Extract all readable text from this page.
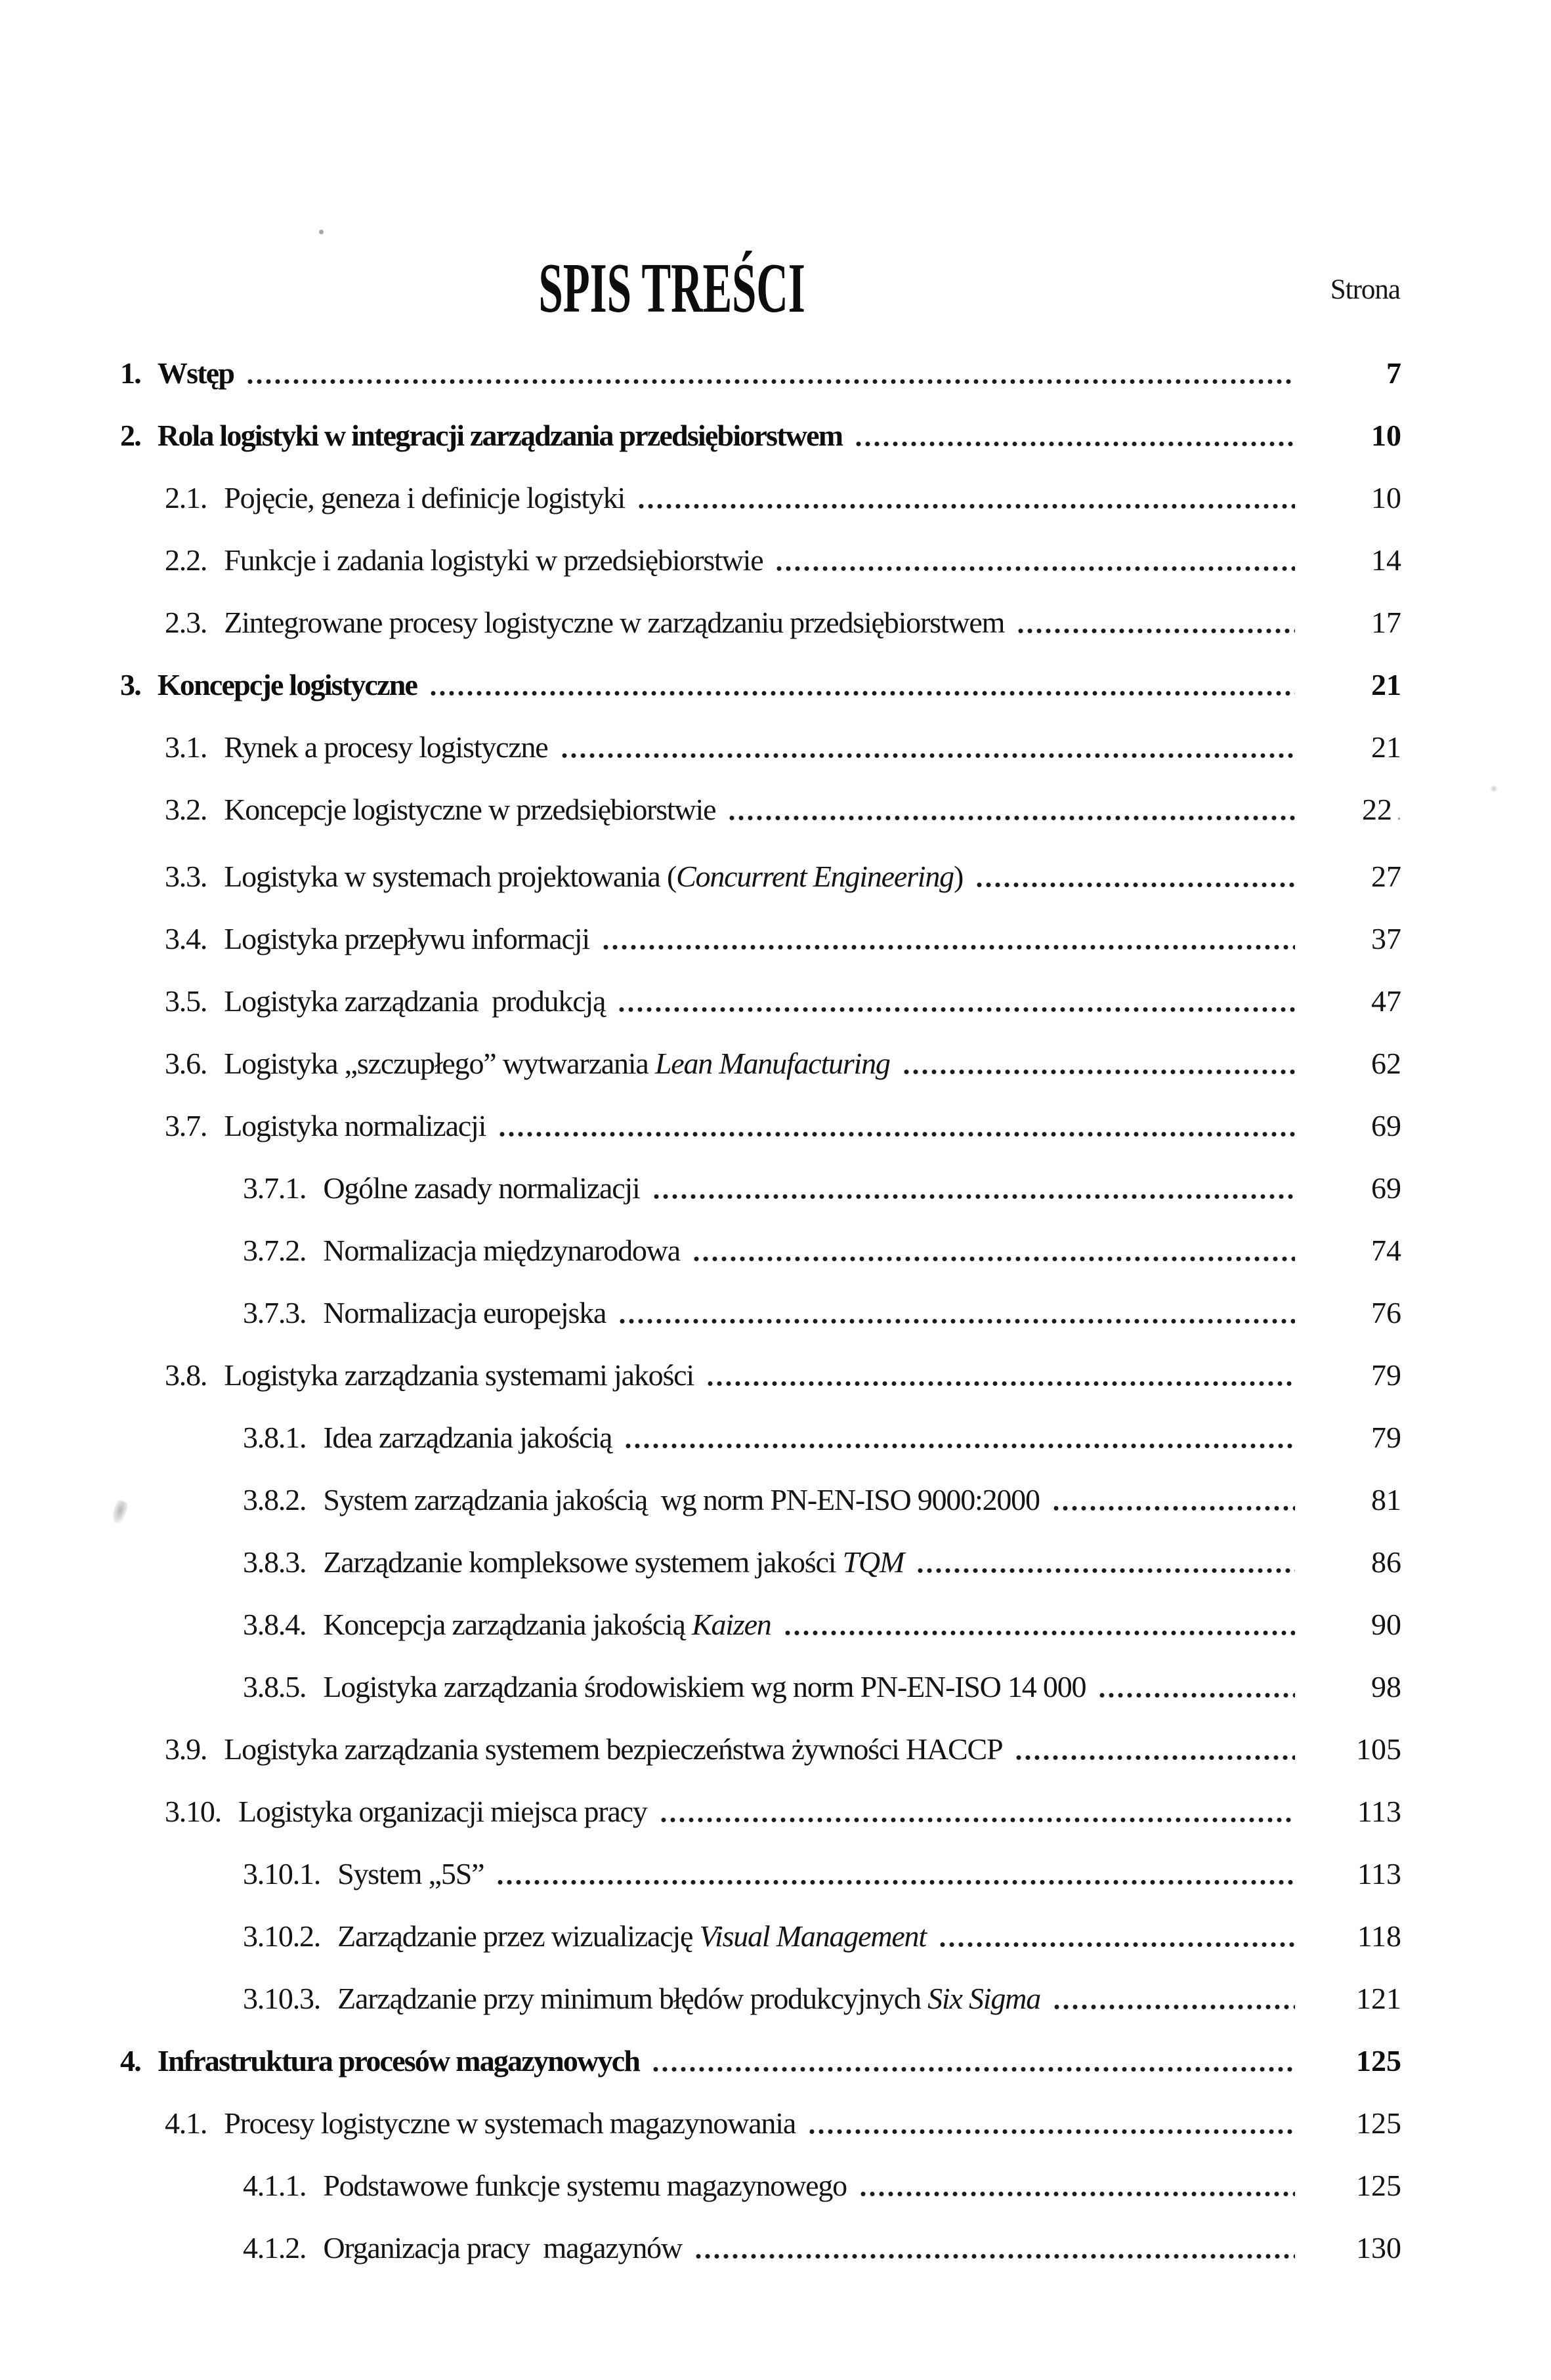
SPIS TREŚCI	Strona
1. Wstęp	7
2. Rola logistyki w integracji zarządzania przedsiębiorstwem	10
2.1. Pojęcie, geneza i definicje logistyki	10
2.2. Funkcje i zadania logistyki w przedsiębiorstwie	14
2.3. Zintegrowane procesy logistyczne w zarządzaniu przedsiębiorstwem	17
3. Koncepcje logistyczne	21
3.1. Rynek a procesy logistyczne	21
3.2. Koncepcje logistyczne w przedsiębiorstwie	22 .
3.3. Logistyka w systemach projektowania (Concurrent Engineering)	27
3.4. Logistyka przepływu informacji	37
3.5. Logistyka zarządzania  produkcją	47
3.6. Logistyka „szczupłego” wytwarzania Lean Manufacturing	62
3.7. Logistyka normalizacji	69
3.7.1. Ogólne zasady normalizacji	69
3.7.2. Normalizacja międzynarodowa	74
3.7.3. Normalizacja europejska	76
3.8. Logistyka zarządzania systemami jakości	79
3.8.1. Idea zarządzania jakością	79
3.8.2. System zarządzania jakością  wg norm PN-EN-ISO 9000:2000	81
3.8.3. Zarządzanie kompleksowe systemem jakości TQM	86
3.8.4. Koncepcja zarządzania jakością Kaizen	90
3.8.5. Logistyka zarządzania środowiskiem wg norm PN-EN-ISO 14 000	98
3.9. Logistyka zarządzania systemem bezpieczeństwa żywności HACCP	105
3.10. Logistyka organizacji miejsca pracy	113
3.10.1. System „5S”	113
3.10.2. Zarządzanie przez wizualizację Visual Management	118
3.10.3. Zarządzanie przy minimum błędów produkcyjnych Six Sigma	121
4. Infrastruktura procesów magazynowych	125
4.1. Procesy logistyczne w systemach magazynowania	125
4.1.1. Podstawowe funkcje systemu magazynowego	125
4.1.2. Organizacja pracy  magazynów	130
